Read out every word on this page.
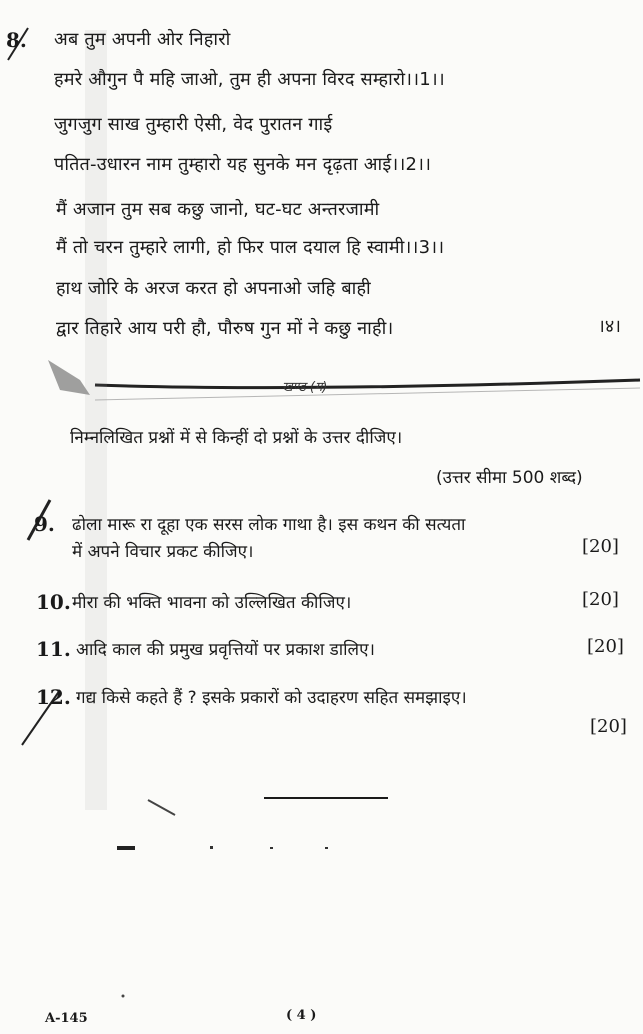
8. अब तुम अपनी ओर निहारो
हमरे औगुन पै महि जाओ, तुम ही अपना विरद सम्हारो।।1।।
जुगजुग साख तुम्हारी ऐसी, वेद पुरातन गाई
पतित-उधारन नाम तुम्हारो यह सुनके मन दृढ़ता आई।।2।।
मैं अजान तुम सब कछु जानो, घट-घट अन्तरजामी
मैं तो चरन तुम्हारे लागी, हो फिर पाल दयाल हि स्वामी।।3।।
हाथ जोरि के अरज करत हो अपनाओ जहि बाही
द्वार तिहारे आय परी हौ, पौरुष गुन मों ने कछु नाही।	।४।
खण्ड (ग)
निम्नलिखित प्रश्नों में से किन्हीं दो प्रश्नों के उत्तर दीजिए।
(उत्तर सीमा 500 शब्द)
9. ढोला मारू रा दूहा एक सरस लोक गाथा है। इस कथन की सत्यता
में अपने विचार प्रकट कीजिए।	[20]
10. मीरा की भक्ति भावना को उल्लिखित कीजिए।	[20]
11. आदि काल की प्रमुख प्रवृत्तियों पर प्रकाश डालिए।	[20]
12. गद्य किसे कहते हैं ? इसके प्रकारों को उदाहरण सहित समझाइए।
[20]
A-145	( 4 )
